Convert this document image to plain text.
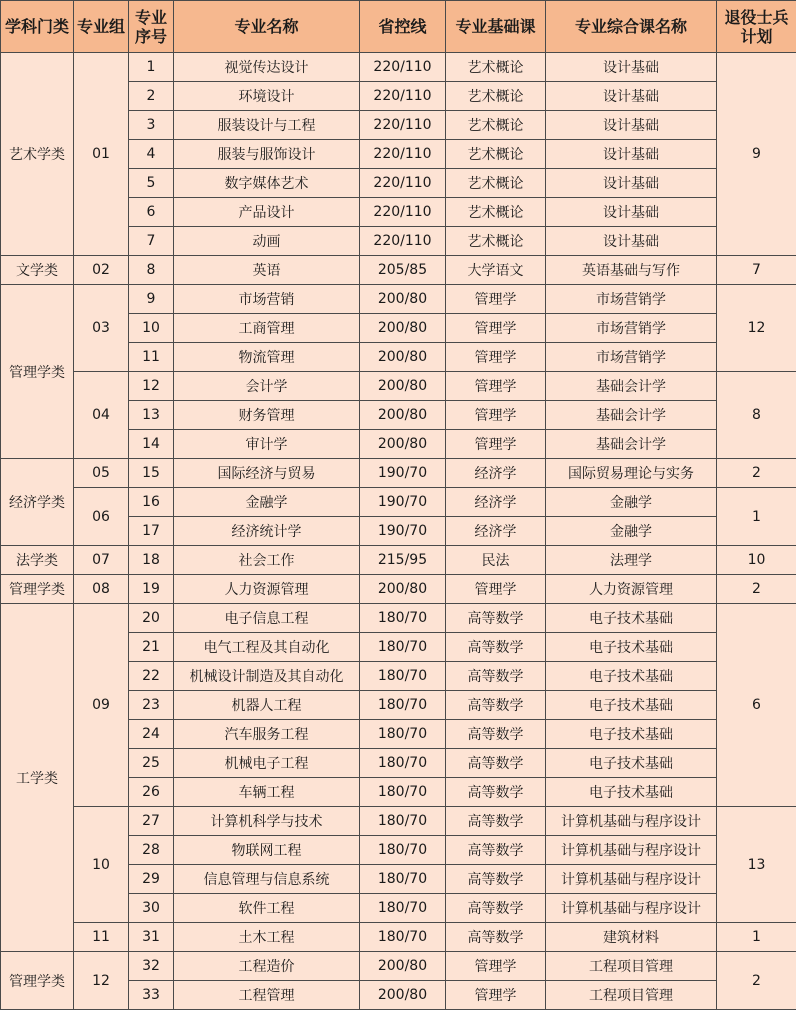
学科门类	专业组	专业序号	专业名称	省控线	专业基础课	专业综合课名称	退役士兵计划
艺术学类	01	1	视觉传达设计	220/110	艺术概论	设计基础	9
		2	环境设计	220/110	艺术概论	设计基础	
		3	服装设计与工程	220/110	艺术概论	设计基础	
		4	服装与服饰设计	220/110	艺术概论	设计基础	
		5	数字媒体艺术	220/110	艺术概论	设计基础	
		6	产品设计	220/110	艺术概论	设计基础	
		7	动画	220/110	艺术概论	设计基础	
文学类	02	8	英语	205/85	大学语文	英语基础与写作	7
管理学类	03	9	市场营销	200/80	管理学	市场营销学	12
		10	工商管理	200/80	管理学	市场营销学	
		11	物流管理	200/80	管理学	市场营销学	
	04	12	会计学	200/80	管理学	基础会计学	8
		13	财务管理	200/80	管理学	基础会计学	
		14	审计学	200/80	管理学	基础会计学	
经济学类	05	15	国际经济与贸易	190/70	经济学	国际贸易理论与实务	2
	06	16	金融学	190/70	经济学	金融学	1
		17	经济统计学	190/70	经济学	金融学	
法学类	07	18	社会工作	215/95	民法	法理学	10
管理学类	08	19	人力资源管理	200/80	管理学	人力资源管理	2
工学类	09	20	电子信息工程	180/70	高等数学	电子技术基础	6
		21	电气工程及其自动化	180/70	高等数学	电子技术基础	
		22	机械设计制造及其自动化	180/70	高等数学	电子技术基础	
		23	机器人工程	180/70	高等数学	电子技术基础	
		24	汽车服务工程	180/70	高等数学	电子技术基础	
		25	机械电子工程	180/70	高等数学	电子技术基础	
		26	车辆工程	180/70	高等数学	电子技术基础	
	10	27	计算机科学与技术	180/70	高等数学	计算机基础与程序设计	13
		28	物联网工程	180/70	高等数学	计算机基础与程序设计	
		29	信息管理与信息系统	180/70	高等数学	计算机基础与程序设计	
		30	软件工程	180/70	高等数学	计算机基础与程序设计	
	11	31	土木工程	180/70	高等数学	建筑材料	1
管理学类	12	32	工程造价	200/80	管理学	工程项目管理	2
		33	工程管理	200/80	管理学	工程项目管理	
